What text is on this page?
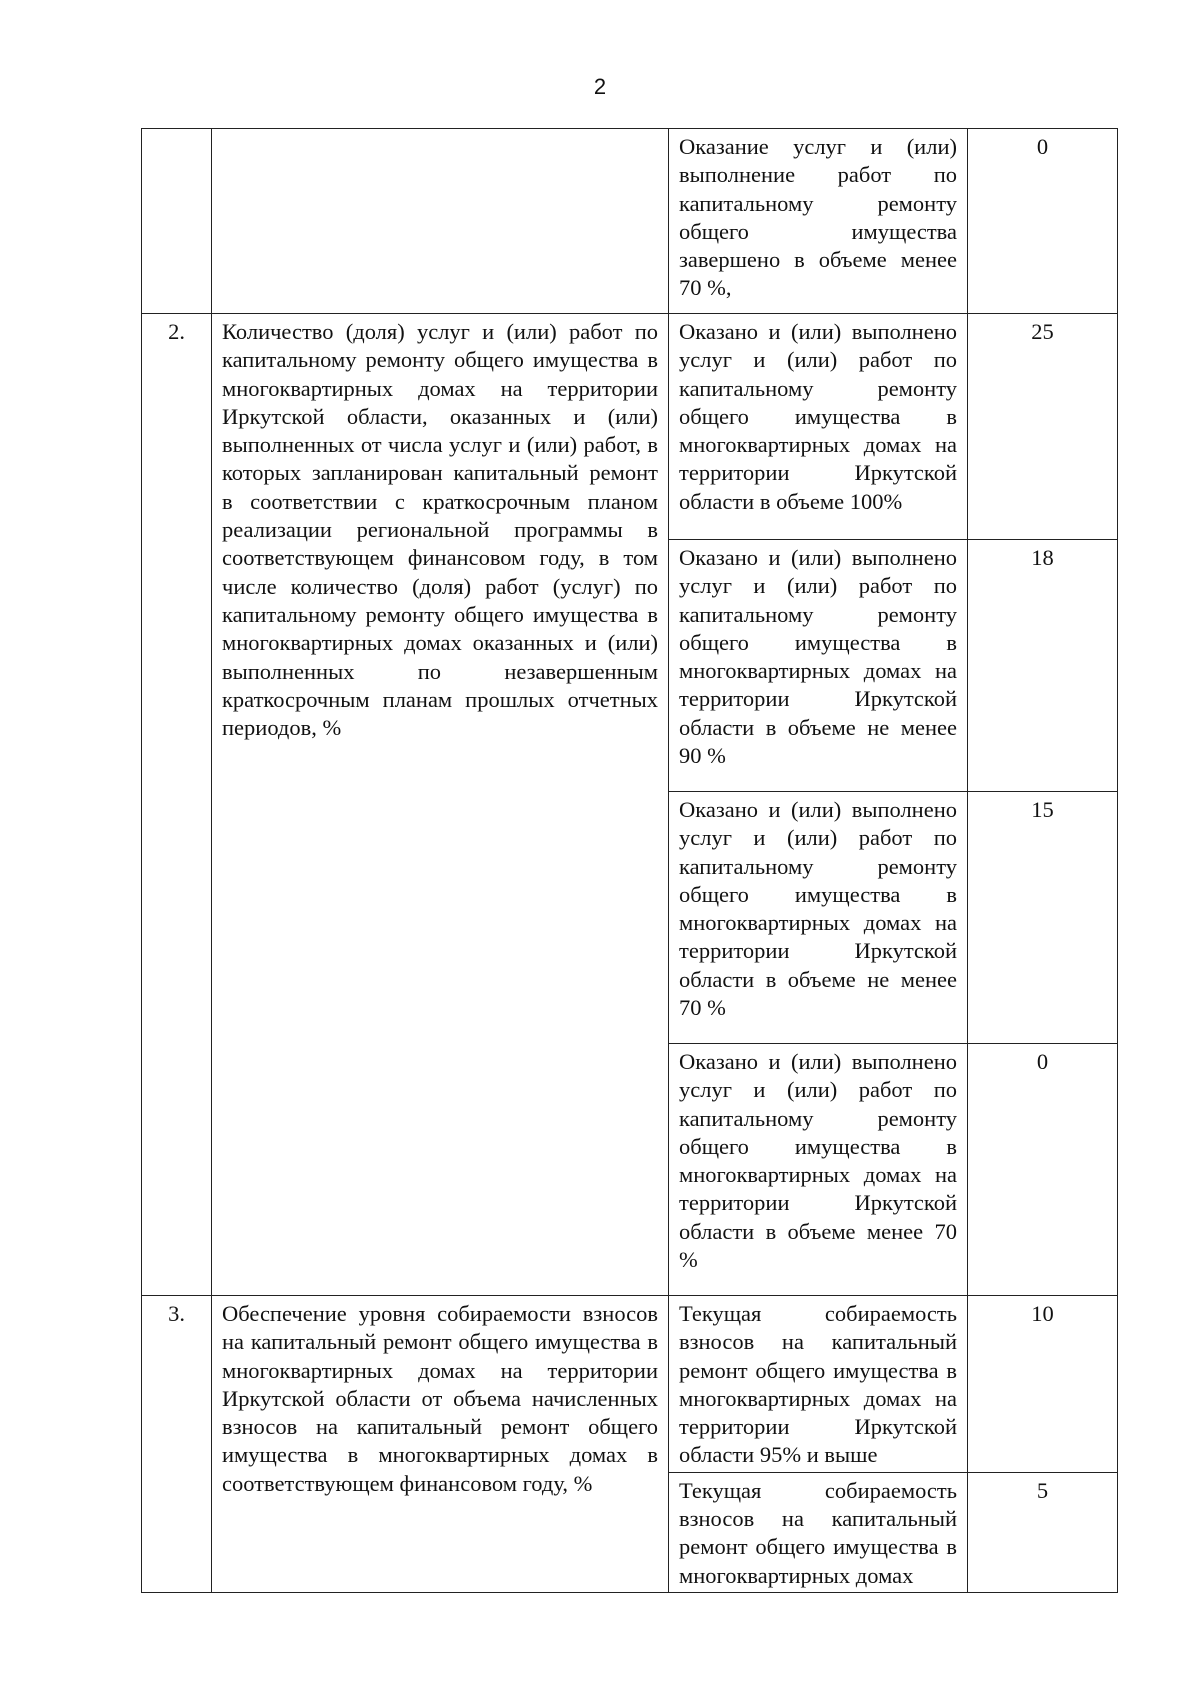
2
		Оказание услуг и (или) выполнение работ по капитальному ремонту общего имущества завершено в объеме менее 70 %,	0
2.	Количество (доля) услуг и (или) работ по капитальному ремонту общего имущества в многоквартирных домах на территории Иркутской области, оказанных и (или) выполненных от числа услуг и (или) работ, в которых запланирован капитальный ремонт в соответствии с краткосрочным планом реализации региональной программы в соответствующем финансовом году, в том числе количество (доля) работ (услуг) по капитальному ремонту общего имущества в многоквартирных домах оказанных и (или) выполненных по незавершенным краткосрочным планам прошлых отчетных периодов, %	Оказано и (или) выполнено услуг и (или) работ по капитальному ремонту общего имущества в многоквартирных домах на территории Иркутской области в объеме 100%	25
		Оказано и (или) выполнено услуг и (или) работ по капитальному ремонту общего имущества в многоквартирных домах на территории Иркутской области в объеме не менее 90 %	18
		Оказано и (или) выполнено услуг и (или) работ по капитальному ремонту общего имущества в многоквартирных домах на территории Иркутской области в объеме не менее 70 %	15
		Оказано и (или) выполнено услуг и (или) работ по капитальному ремонту общего имущества в многоквартирных домах на территории Иркутской области в объеме менее 70 %	0
3.	Обеспечение уровня собираемости взносов на капитальный ремонт общего имущества в многоквартирных домах на территории Иркутской области от объема начисленных взносов на капитальный ремонт общего имущества в многоквартирных домах в соответствующем финансовом году, %	Текущая собираемость взносов на капитальный ремонт общего имущества в многоквартирных домах на территории Иркутской области 95% и выше	10
		Текущая собираемость взносов на капитальный ремонт общего имущества в многоквартирных домах	5
